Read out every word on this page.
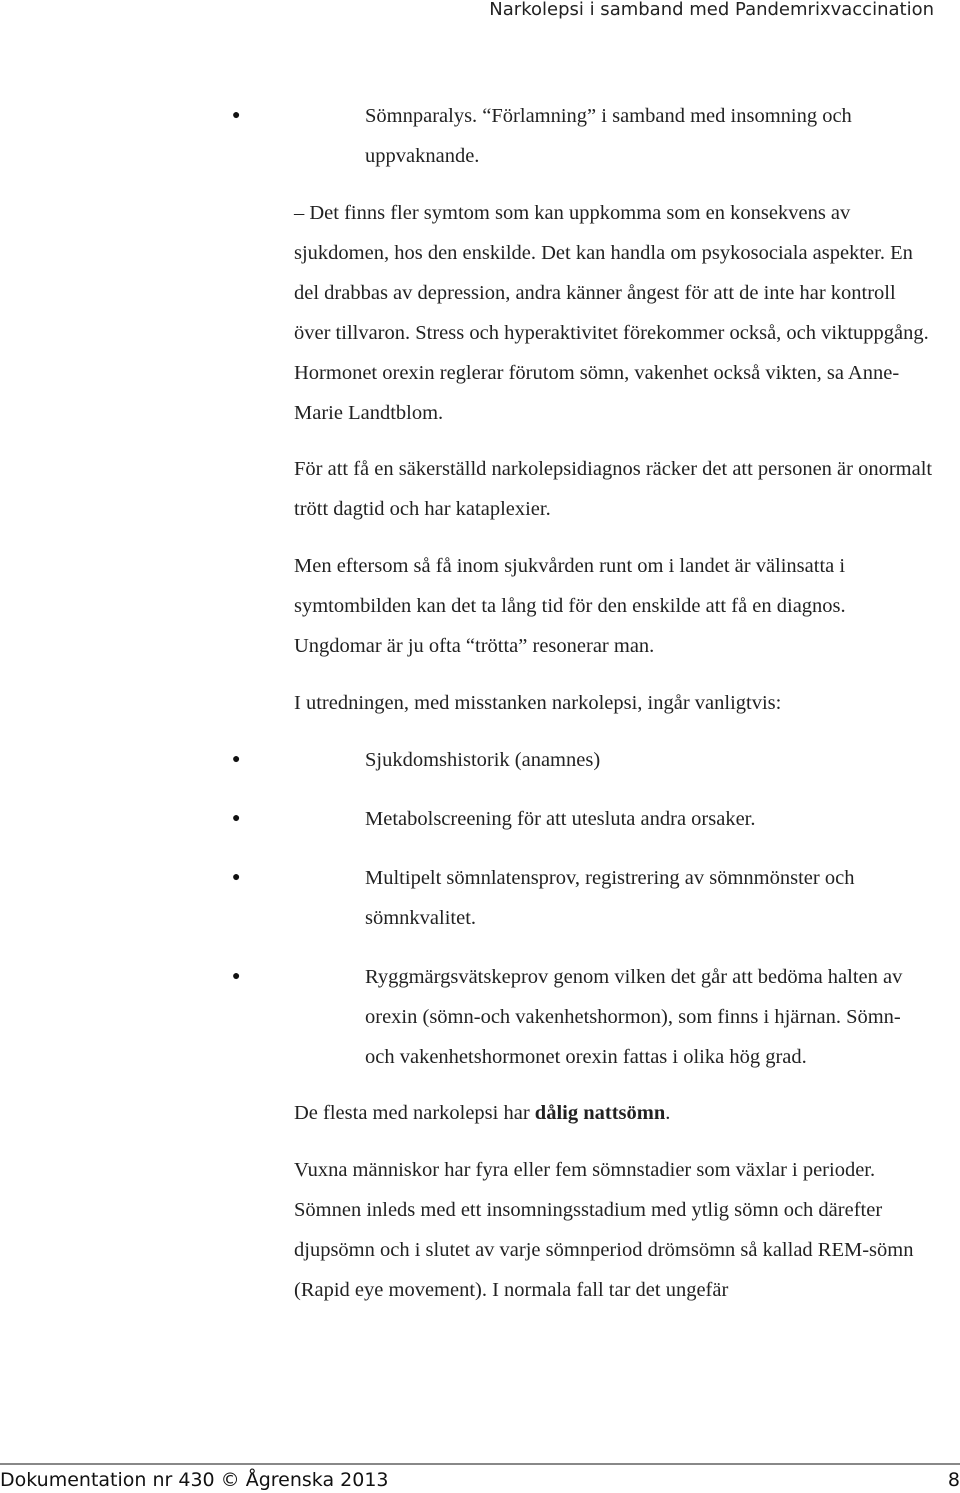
Narkolepsi i samband med Pandemrixvaccination
●	Sömnparalys. “Förlamning” i samband med insomning och uppvaknande.

– Det finns fler symtom som kan uppkomma som en konsekvens av sjukdomen, hos den enskilde. Det kan handla om psykosociala aspekter. En del drabbas av depression, andra känner ångest för att de inte har kontroll över tillvaron. Stress och hyperaktivitet förekommer också, och viktuppgång. Hormonet orexin reglerar förutom sömn, vakenhet också vikten, sa Anne-Marie Landtblom.

För att få en säkerställd narkolepsidiagnos räcker det att personen är onormalt trött dagtid och har kataplexier.

Men eftersom så få inom sjukvården runt om i landet är välinsatta i symtombilden kan det ta lång tid för den enskilde att få en diagnos. Ungdomar är ju ofta “trötta” resonerar man.

I utredningen, med misstanken narkolepsi, ingår vanligtvis:

●	Sjukdomshistorik (anamnes)
●	Metabolscreening för att utesluta andra orsaker.
●	Multipelt sömnlatensprov, registrering av sömnmönster och sömnkvalitet.
●	Ryggmärgsvätskeprov genom vilken det går att bedöma halten av orexin (sömn-och vakenhetshormon), som finns i hjärnan. Sömn- och vakenhetshormonet orexin fattas i olika hög grad.

De flesta med narkolepsi har dålig nattsömn.

Vuxna människor har fyra eller fem sömnstadier som växlar i perioder. Sömnen inleds med ett insomningsstadium med ytlig sömn och därefter djupsömn och i slutet av varje sömnperiod drömsömn så kallad REM-sömn (Rapid eye movement). I normala fall tar det ungefär

Dokumentation nr 430 © Ågrenska 2013	8
